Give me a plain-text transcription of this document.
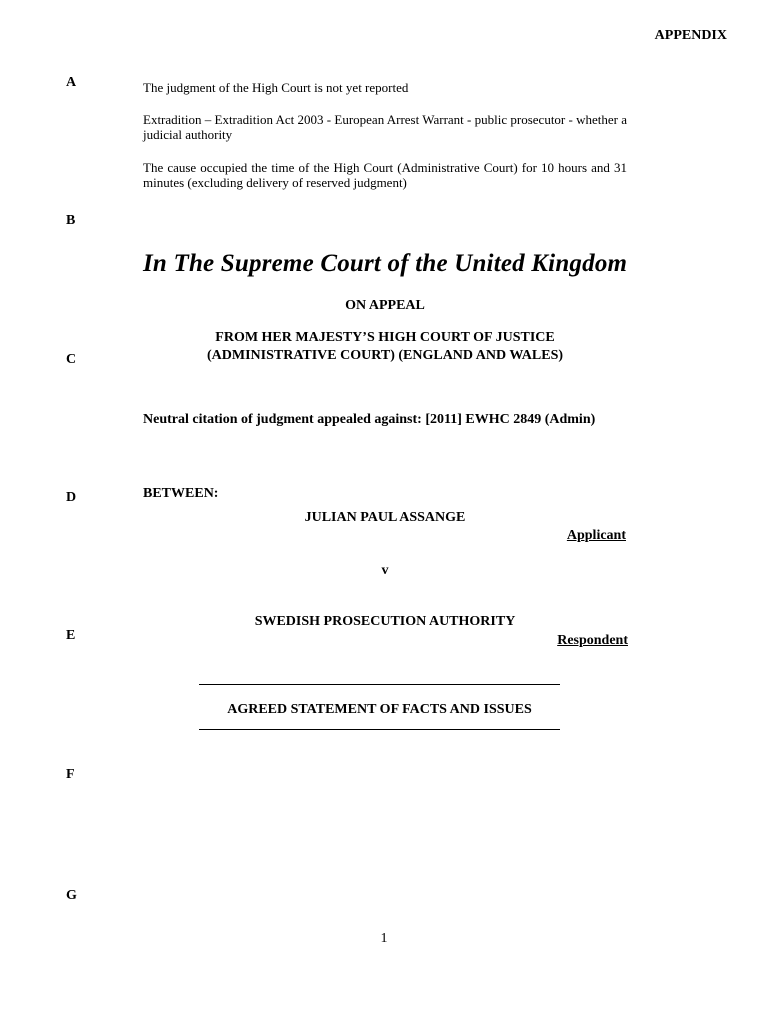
APPENDIX
A
B
C
D
E
F
G
The judgment of the High Court is not yet reported
Extradition – Extradition Act 2003 - European Arrest Warrant - public prosecutor - whether a judicial authority
The cause occupied the time of the High Court (Administrative Court) for 10 hours and 31 minutes (excluding delivery of reserved judgment)
In The Supreme Court of the United Kingdom
ON APPEAL
FROM HER MAJESTY’S HIGH COURT OF JUSTICE
(ADMINISTRATIVE COURT) (ENGLAND AND WALES)
Neutral citation of judgment appealed against: [2011] EWHC 2849 (Admin)
BETWEEN:
JULIAN PAUL ASSANGE
Applicant
v
SWEDISH PROSECUTION AUTHORITY
Respondent
AGREED STATEMENT OF FACTS AND ISSUES
1
